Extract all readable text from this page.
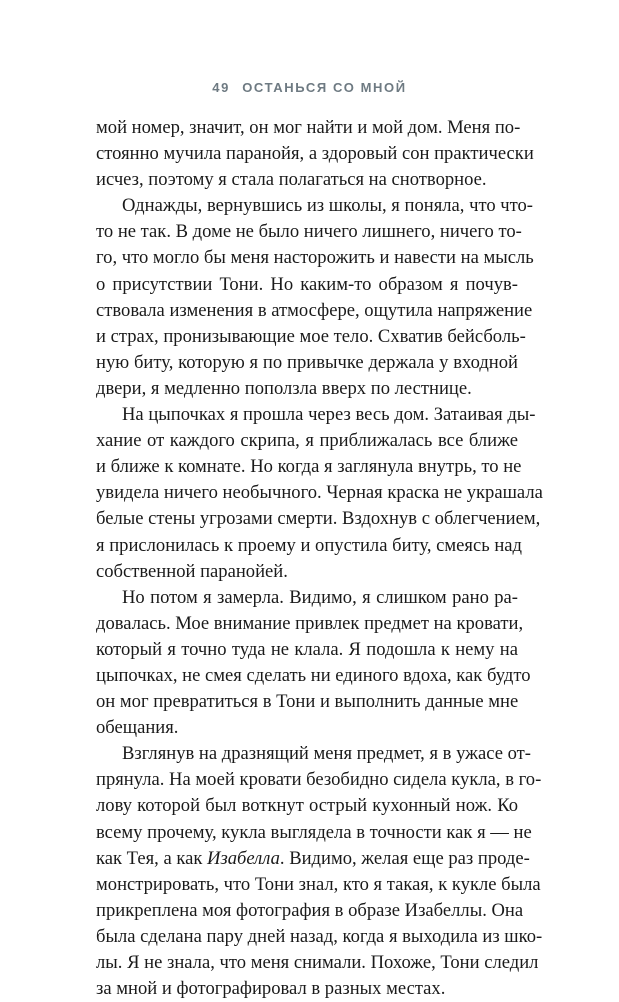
49 ОСТАНЬСЯ СО МНОЙ
мой номер, значит, он мог найти и мой дом. Меня по-
стоянно мучила паранойя, а здоровый сон практически
исчез, поэтому я стала полагаться на снотворное.
Однажды, вернувшись из школы, я поняла, что что-
то не так. В доме не было ничего лишнего, ничего то-
го, что могло бы меня насторожить и навести на мысль
о присутствии Тони. Но каким-то образом я почув-
ствовала изменения в атмосфере, ощутила напряжение
и страх, пронизывающие мое тело. Схватив бейсболь-
ную биту, которую я по привычке держала у входной
двери, я медленно поползла вверх по лестнице.
На цыпочках я прошла через весь дом. Затаивая ды-
хание от каждого скрипа, я приближалась все ближе
и ближе к комнате. Но когда я заглянула внутрь, то не
увидела ничего необычного. Черная краска не украшала
белые стены угрозами смерти. Вздохнув с облегчением,
я прислонилась к проему и опустила биту, смеясь над
собственной паранойей.
Но потом я замерла. Видимо, я слишком рано ра-
довалась. Мое внимание привлек предмет на кровати,
который я точно туда не клала. Я подошла к нему на
цыпочках, не смея сделать ни единого вдоха, как будто
он мог превратиться в Тони и выполнить данные мне
обещания.
Взглянув на дразнящий меня предмет, я в ужасе от-
прянула. На моей кровати безобидно сидела кукла, в го-
лову которой был воткнут острый кухонный нож. Ко
всему прочему, кукла выглядела в точности как я — не
как Тея, а как Изабелла. Видимо, желая еще раз проде-
монстрировать, что Тони знал, кто я такая, к кукле была
прикреплена моя фотография в образе Изабеллы. Она
была сделана пару дней назад, когда я выходила из шко-
лы. Я не знала, что меня снимали. Похоже, Тони следил
за мной и фотографировал в разных местах.
